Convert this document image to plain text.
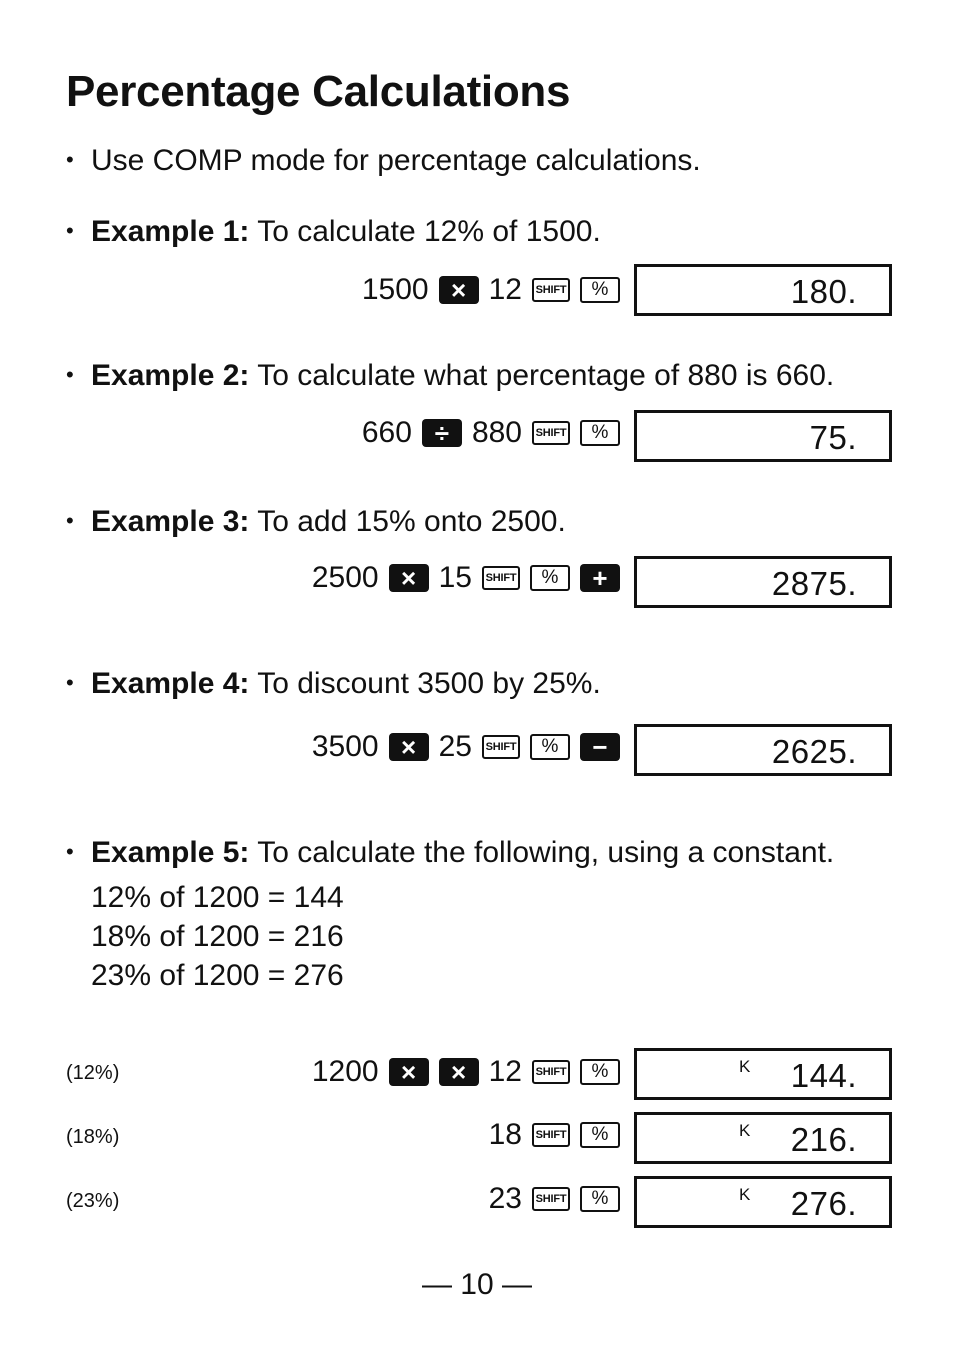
Percentage Calculations
• Use COMP mode for percentage calculations.
• Example 1: To calculate 12% of 1500.
1500 × 12	SHIFT	%	180.
• Example 2: To calculate what percentage of 880 is 660.
660 ÷ 880	SHIFT	%	75.
• Example 3: To add 15% onto 2500.
2500 × 15	SHIFT	%	+	2875.
• Example 4: To discount 3500 by 25%.
3500 × 25	SHIFT	%	−	2625.
• Example 5: To calculate the following, using a constant.
12% of 1200 = 144
18% of 1200 = 216
23% of 1200 = 276
(12%)	1200 ×	× 12	SHIFT	%	K 144.
(18%)	18	SHIFT	%	K 216.
(23%)	23	SHIFT	%	K 276.
— 10 —
